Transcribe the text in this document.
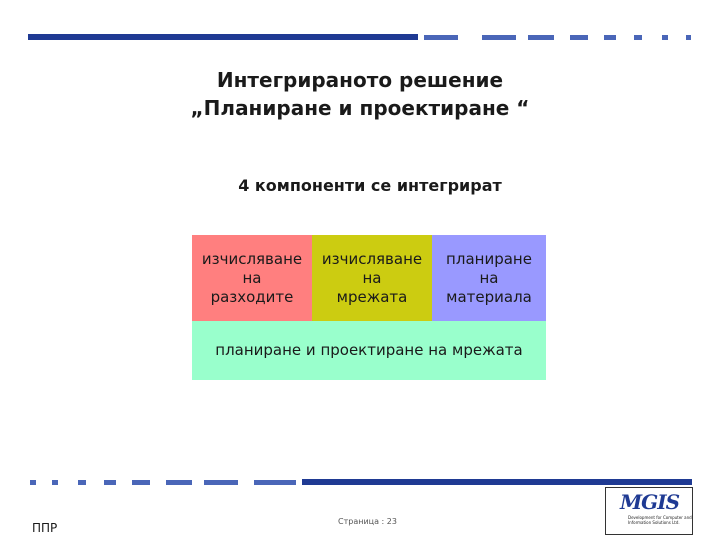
Интегрираното решение
„Планиране и проектиране “
4 компоненти се интегрират
изчисляване
на
разходите
изчисляване
на
мрежата
планиране
на
материала
планиране и проектиране на мрежата
ППР	Страница : 23
MGIS
Development for Computer and Information Solutions Ltd.
